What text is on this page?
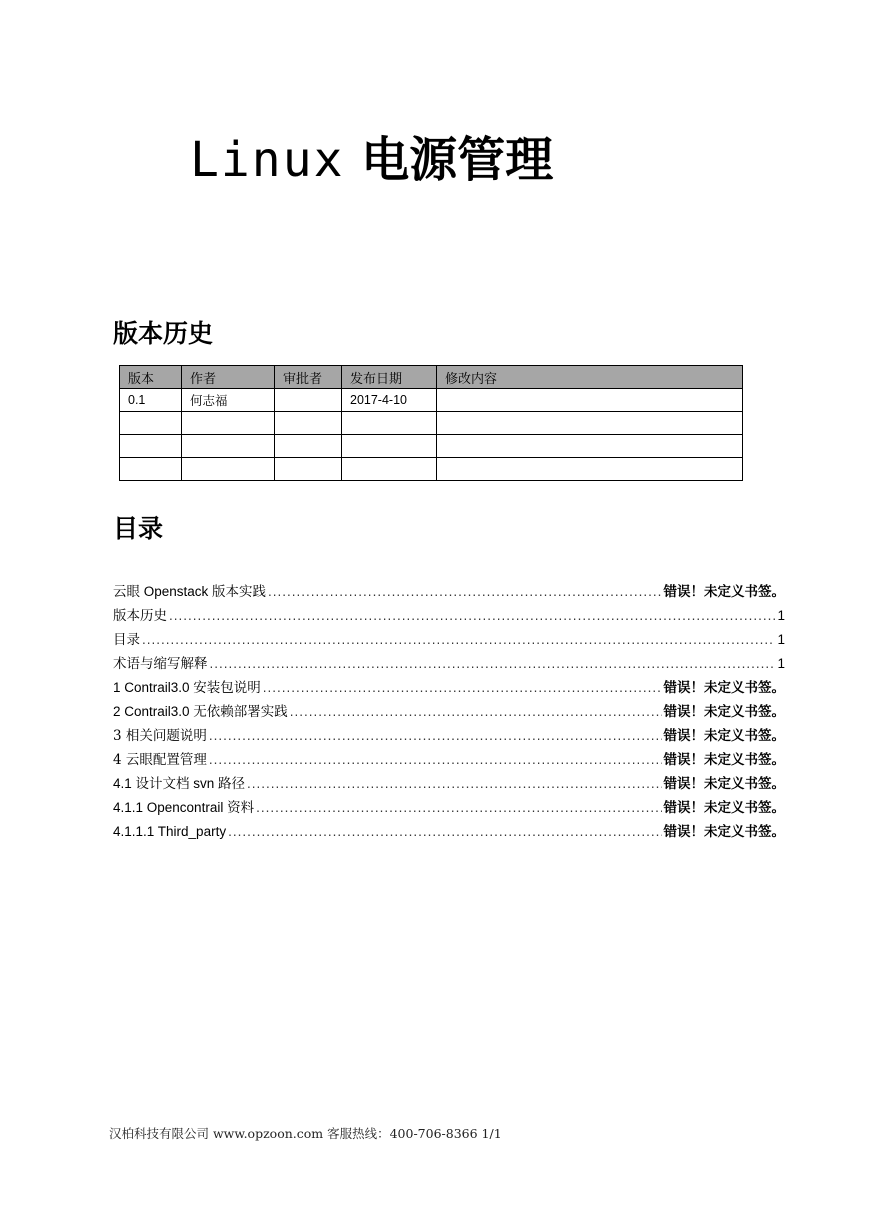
Linux 电源管理
版本历史
版本	作者	审批者	发布日期	修改内容
0.1	何志福		2017-4-10	

目录
云眼 Openstack 版本实践 .....	错误！未定义书签。
版本历史 .....	1
目录 .....	1
术语与缩写解释 .....	1
1 Contrail3.0 安装包说明 .....	错误！未定义书签。
2 Contrail3.0 无依赖部署实践 .....	错误！未定义书签。
3 相关问题说明 .....	错误！未定义书签。
4 云眼配置管理 .....	错误！未定义书签。
4.1 设计文档 svn 路径 .....	错误！未定义书签。
4.1.1 Opencontrail 资料 .....	错误！未定义书签。
4.1.1.1 Third_party .....	错误！未定义书签。
汉柏科技有限公司 www.opzoon.com 客服热线：400-706-8366 1/1
